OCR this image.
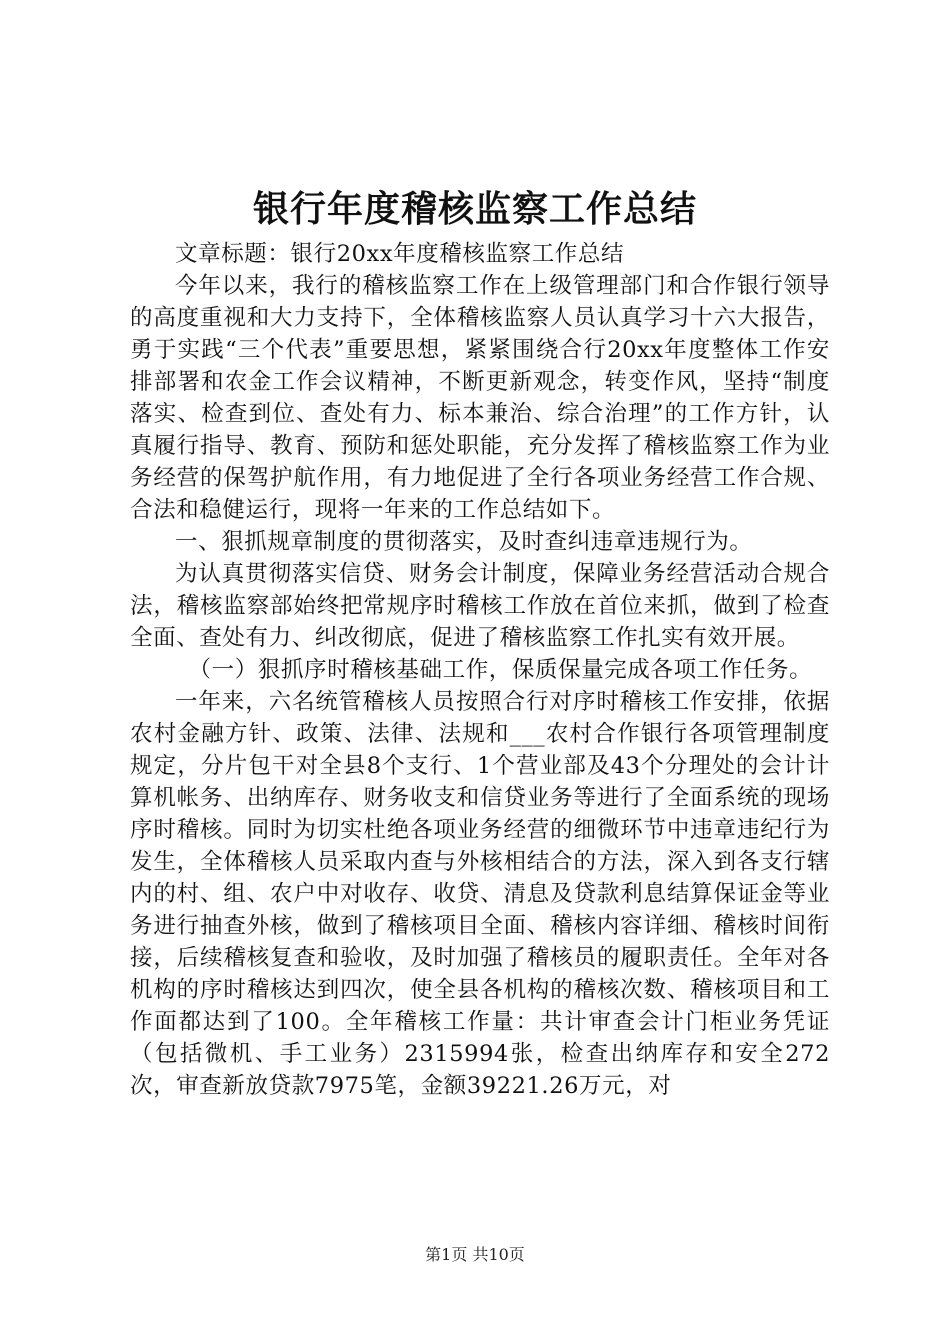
银行年度稽核监察工作总结

文章标题：银行20xx年度稽核监察工作总结

今年以来，我行的稽核监察工作在上级管理部门和合作银行领导的高度重视和大力支持下，全体稽核监察人员认真学习十六大报告，勇于实践“三个代表”重要思想，紧紧围绕合行20xx年度整体工作安排部署和农金工作会议精神，不断更新观念，转变作风，坚持“制度落实、检查到位、查处有力、标本兼治、综合治理”的工作方针，认真履行指导、教育、预防和惩处职能，充分发挥了稽核监察工作为业务经营的保驾护航作用，有力地促进了全行各项业务经营工作合规、合法和稳健运行，现将一年来的工作总结如下。

一、狠抓规章制度的贯彻落实，及时查纠违章违规行为。

为认真贯彻落实信贷、财务会计制度，保障业务经营活动合规合法，稽核监察部始终把常规序时稽核工作放在首位来抓，做到了检查全面、查处有力、纠改彻底，促进了稽核监察工作扎实有效开展。

（一）狠抓序时稽核基础工作，保质保量完成各项工作任务。

一年来，六名统管稽核人员按照合行对序时稽核工作安排，依据农村金融方针、政策、法律、法规和___农村合作银行各项管理制度规定，分片包干对全县8个支行、1个营业部及43个分理处的会计计算机帐务、出纳库存、财务收支和信贷业务等进行了全面系统的现场序时稽核。同时为切实杜绝各项业务经营的细微环节中违章违纪行为发生，全体稽核人员采取内查与外核相结合的方法，深入到各支行辖内的村、组、农户中对收存、收贷、清息及贷款利息结算保证金等业务进行抽查外核，做到了稽核项目全面、稽核内容详细、稽核时间衔接，后续稽核复查和验收，及时加强了稽核员的履职责任。全年对各机构的序时稽核达到四次，使全县各机构的稽核次数、稽核项目和工作面都达到了100。全年稽核工作量：共计审查会计门柜业务凭证（包括微机、手工业务）2315994张，检查出纳库存和安全272次，审查新放贷款7975笔，金额39221.26万元，对

第1页 共10页
